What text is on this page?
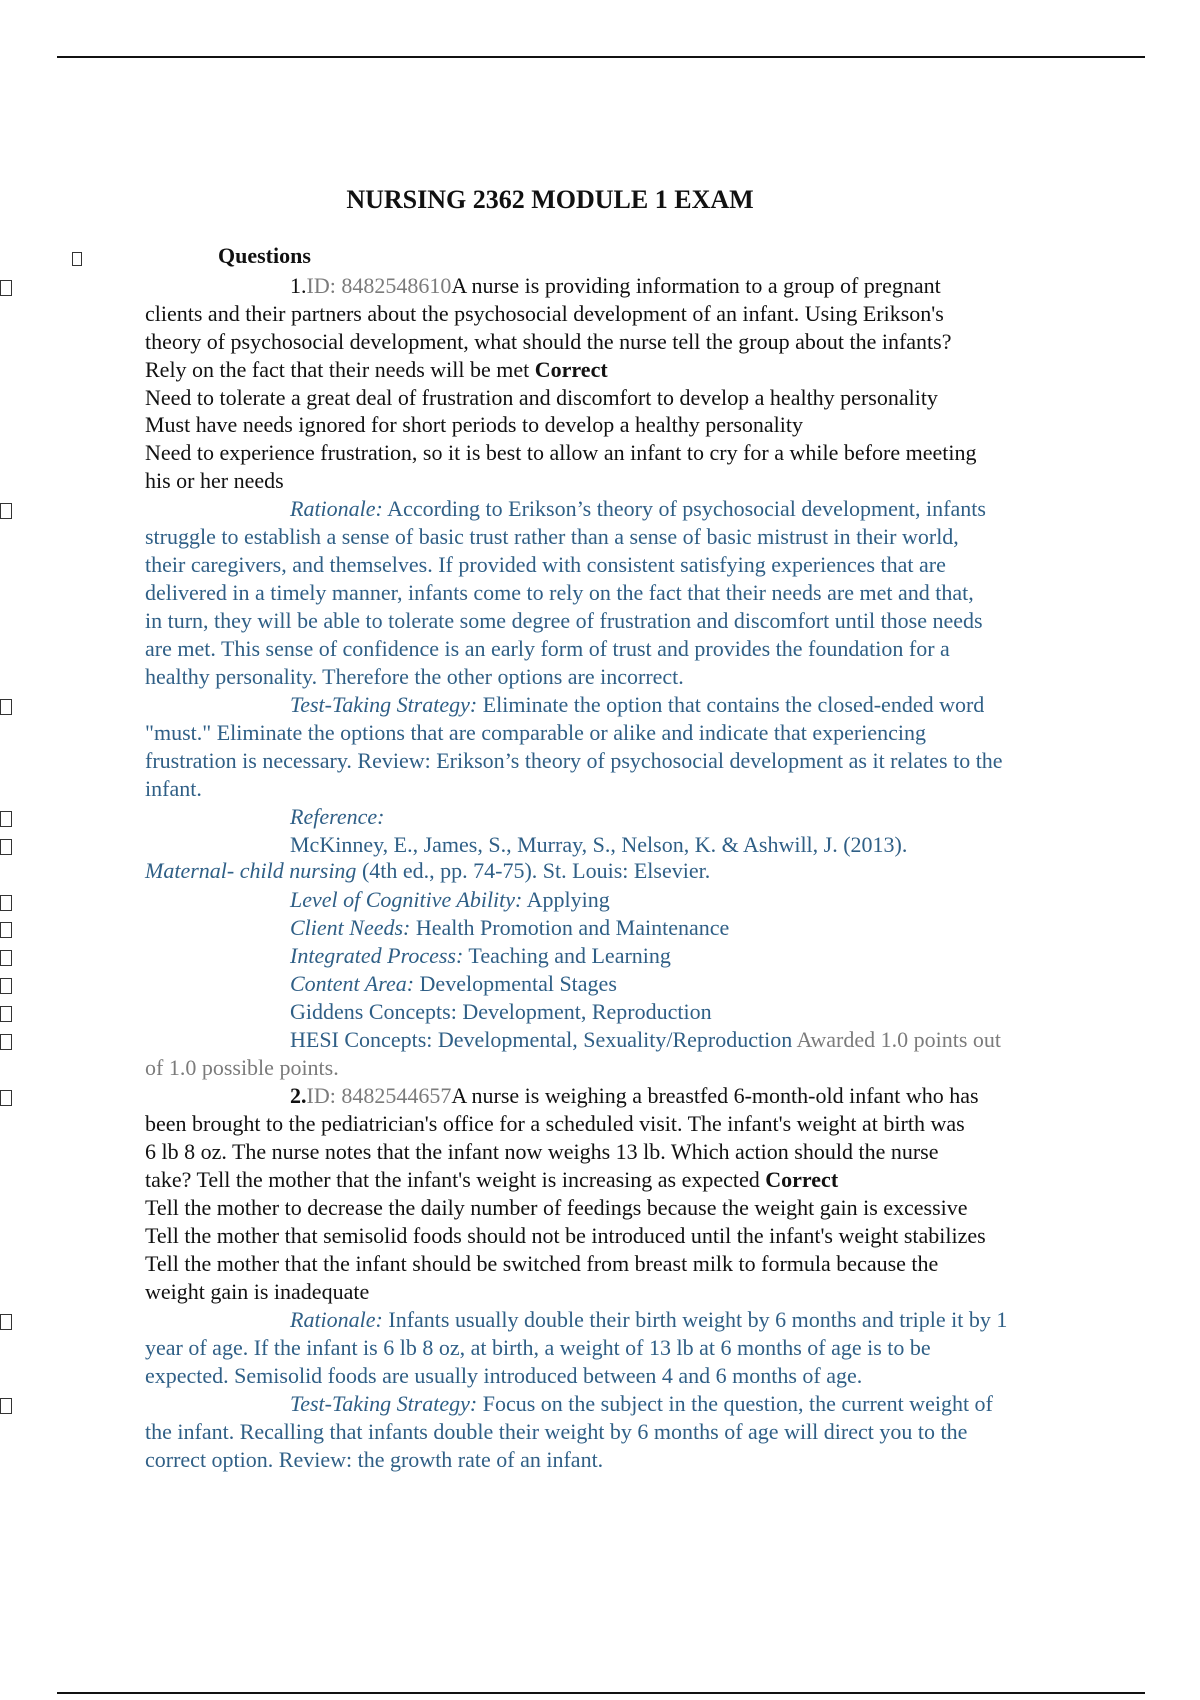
NURSING 2362 MODULE 1 EXAM
Questions
1.ID: 8482548610A nurse is providing information to a group of pregnant
clients and their partners about the psychosocial development of an infant. Using Erikson's
theory of psychosocial development, what should the nurse tell the group about the infants?
Rely on the fact that their needs will be met Correct
Need to tolerate a great deal of frustration and discomfort to develop a healthy personality
Must have needs ignored for short periods to develop a healthy personality
Need to experience frustration, so it is best to allow an infant to cry for a while before meeting
his or her needs
Rationale: According to Erikson’s theory of psychosocial development, infants
struggle to establish a sense of basic trust rather than a sense of basic mistrust in their world,
their caregivers, and themselves. If provided with consistent satisfying experiences that are
delivered in a timely manner, infants come to rely on the fact that their needs are met and that,
in turn, they will be able to tolerate some degree of frustration and discomfort until those needs
are met. This sense of confidence is an early form of trust and provides the foundation for a
healthy personality. Therefore the other options are incorrect.
Test-Taking Strategy: Eliminate the option that contains the closed-ended word
"must." Eliminate the options that are comparable or alike and indicate that experiencing
frustration is necessary. Review: Erikson’s theory of psychosocial development as it relates to the
infant.
Reference:
McKinney, E., James, S., Murray, S., Nelson, K. & Ashwill, J. (2013).
Maternal- child nursing (4th ed., pp. 74-75). St. Louis: Elsevier.
Level of Cognitive Ability: Applying
Client Needs: Health Promotion and Maintenance
Integrated Process: Teaching and Learning
Content Area: Developmental Stages
Giddens Concepts: Development, Reproduction
HESI Concepts: Developmental, Sexuality/Reproduction Awarded 1.0 points out
of 1.0 possible points.
2.ID: 8482544657A nurse is weighing a breastfed 6-month-old infant who has
been brought to the pediatrician's office for a scheduled visit. The infant's weight at birth was
6 lb 8 oz. The nurse notes that the infant now weighs 13 lb. Which action should the nurse
take? Tell the mother that the infant's weight is increasing as expected Correct
Tell the mother to decrease the daily number of feedings because the weight gain is excessive
Tell the mother that semisolid foods should not be introduced until the infant's weight stabilizes
Tell the mother that the infant should be switched from breast milk to formula because the
weight gain is inadequate
Rationale: Infants usually double their birth weight by 6 months and triple it by 1
year of age. If the infant is 6 lb 8 oz, at birth, a weight of 13 lb at 6 months of age is to be
expected. Semisolid foods are usually introduced between 4 and 6 months of age.
Test-Taking Strategy: Focus on the subject in the question, the current weight of
the infant. Recalling that infants double their weight by 6 months of age will direct you to the
correct option. Review: the growth rate of an infant.
